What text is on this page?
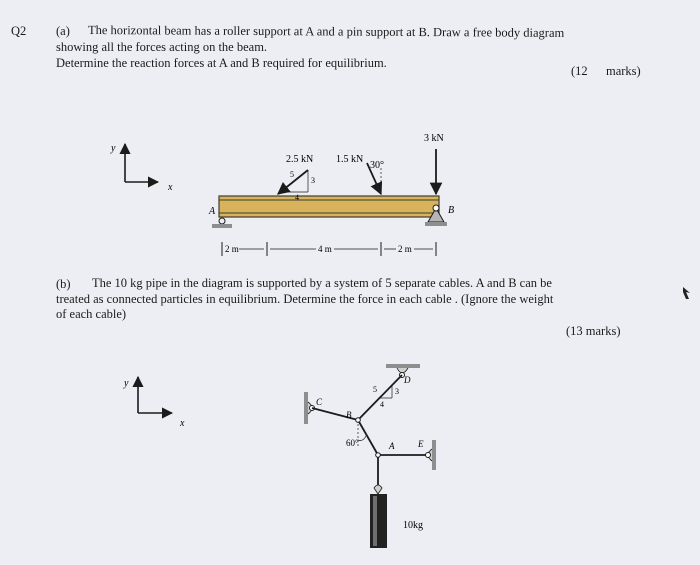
Q2 (a) The horizontal beam has a roller support at A and a pin support at B. Draw a free body diagram
showing all the forces acting on the beam.
Determine the reaction forces at A and B required for equilibrium.
(12 marks)
(b) The 10 kg pipe in the diagram is supported by a system of 5 separate cables. A and B can be
treated as connected particles in equilibrium. Determine the force in each cable . (Ignore the weight
of each cable)
(13 marks)
y
x
A	B
2.5 kN
5
3
4
1.5 kN
30°
3 kN
2 m	4 m	2 m
y
x
D
C
B
A	E
60°
5 3
4
10kg
